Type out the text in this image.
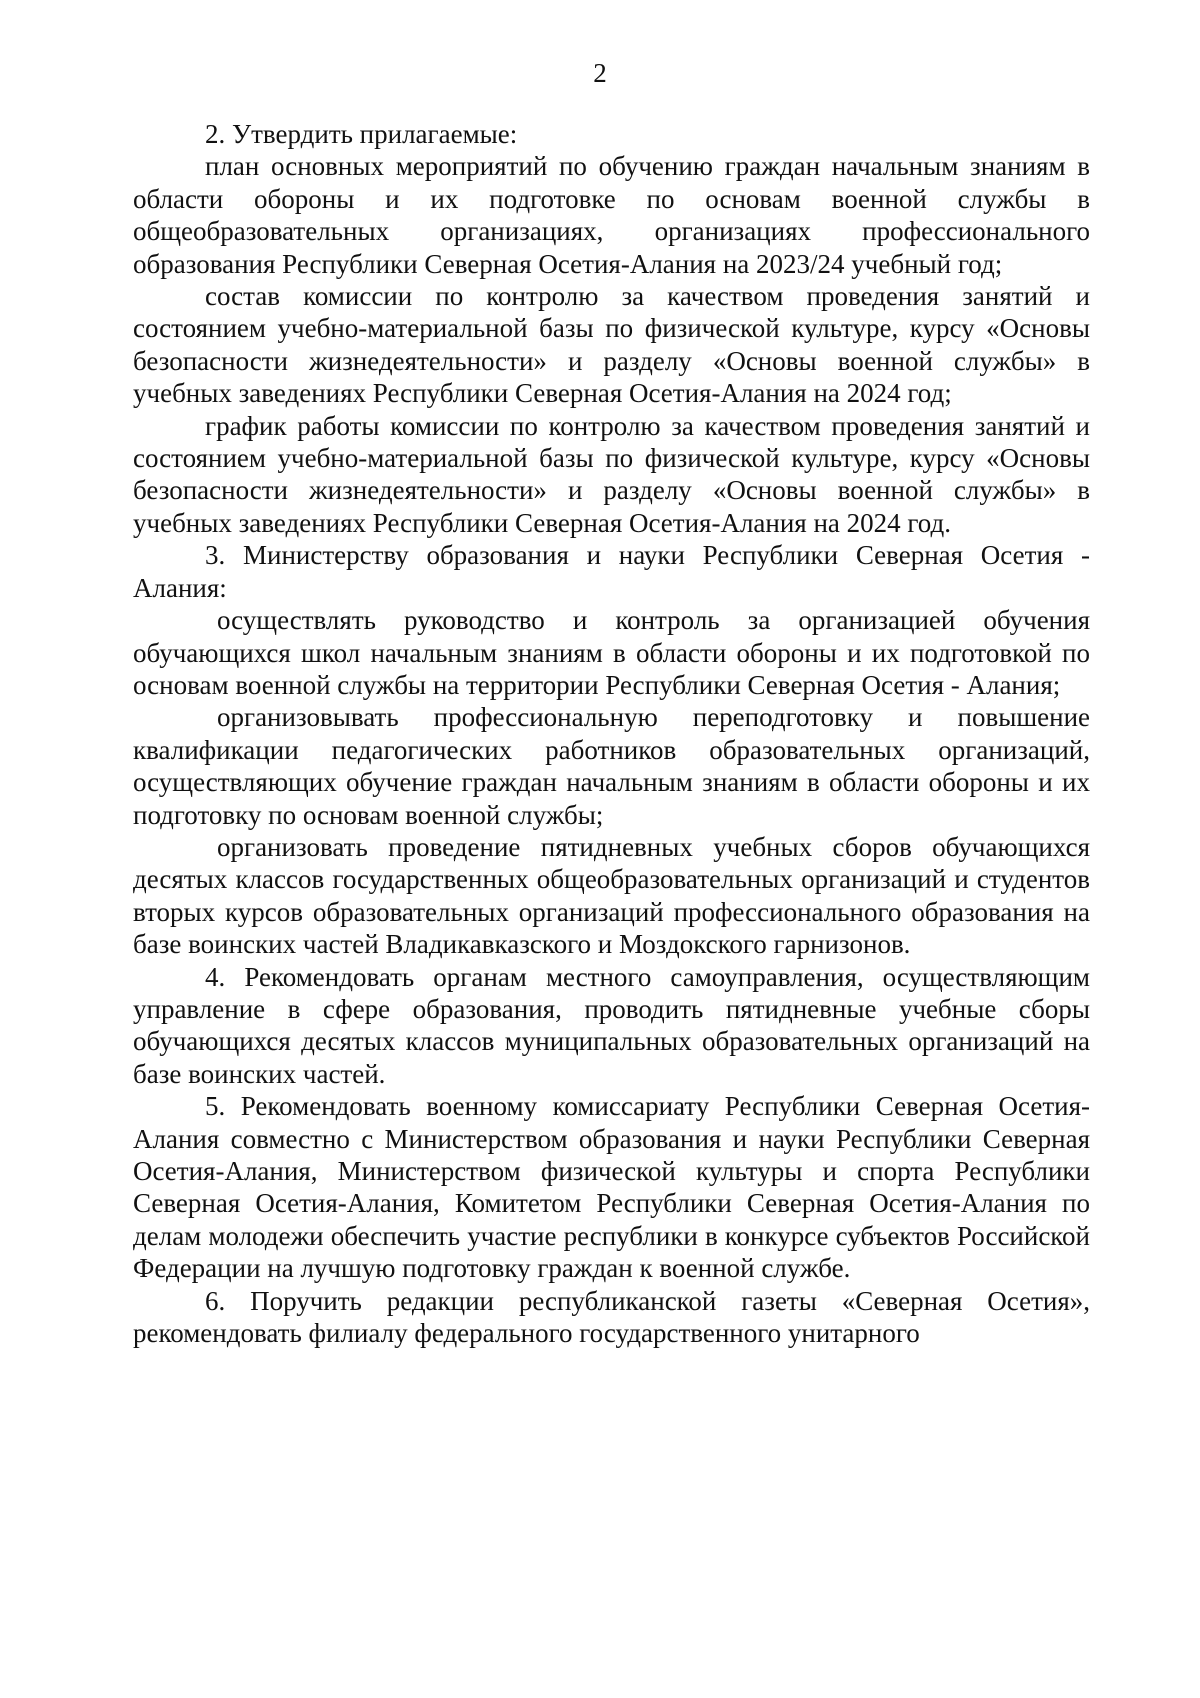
2

2. Утвердить прилагаемые:

план основных мероприятий по обучению граждан начальным знаниям в области обороны и их подготовке по основам военной службы в общеобразовательных организациях, организациях профессионального образования Республики Северная Осетия-Алания на 2023/24 учебный год;

состав комиссии по контролю за качеством проведения занятий и состоянием учебно-материальной базы по физической культуре, курсу «Основы безопасности жизнедеятельности» и разделу «Основы военной службы» в учебных заведениях Республики Северная Осетия-Алания на 2024 год;

график работы комиссии по контролю за качеством проведения занятий и состоянием учебно-материальной базы по физической культуре, курсу «Основы безопасности жизнедеятельности» и разделу «Основы военной службы» в учебных заведениях Республики Северная Осетия-Алания на 2024 год.

3. Министерству образования и науки Республики Северная Осетия - Алания:

осуществлять руководство и контроль за организацией обучения обучающихся школ начальным знаниям в области обороны и их подготовкой по основам военной службы на территории Республики Северная Осетия - Алания;

организовывать профессиональную переподготовку и повышение квалификации педагогических работников образовательных организаций, осуществляющих обучение граждан начальным знаниям в области обороны и их подготовку по основам военной службы;

организовать проведение пятидневных учебных сборов обучающихся десятых классов государственных общеобразовательных организаций и студентов вторых курсов образовательных организаций профессионального образования на базе воинских частей Владикавказского и Моздокского гарнизонов.

4. Рекомендовать органам местного самоуправления, осуществляющим управление в сфере образования, проводить пятидневные учебные сборы обучающихся десятых классов муниципальных образовательных организаций на базе воинских частей.

5. Рекомендовать военному комиссариату Республики Северная Осетия-Алания совместно с Министерством образования и науки Республики Северная Осетия-Алания, Министерством физической культуры и спорта Республики Северная Осетия-Алания, Комитетом Республики Северная Осетия-Алания по делам молодежи обеспечить участие республики в конкурсе субъектов Российской Федерации на лучшую подготовку граждан к военной службе.

6. Поручить редакции республиканской газеты «Северная Осетия», рекомендовать филиалу федерального государственного унитарного
